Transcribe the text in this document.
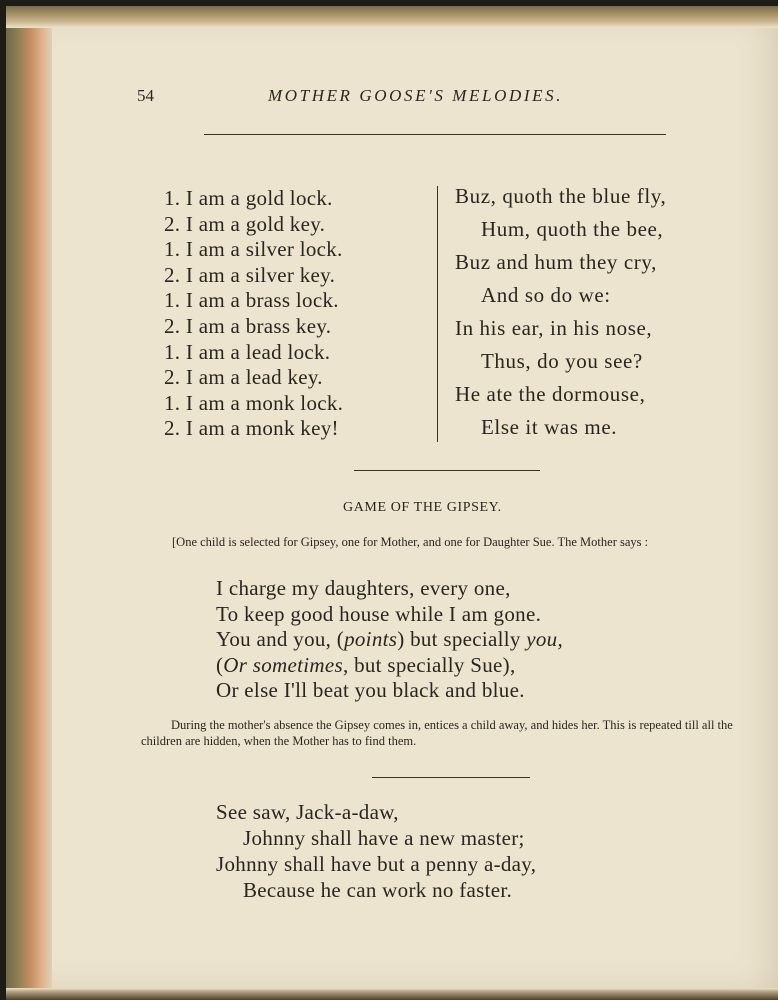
54	MOTHER GOOSE'S MELODIES.
1. I am a gold lock.
2. I am a gold key.
1. I am a silver lock.
2. I am a silver key.
1. I am a brass lock.
2. I am a brass key.
1. I am a lead lock.
2. I am a lead key.
1. I am a monk lock.
2. I am a monk key!
Buz, quoth the blue fly,
Hum, quoth the bee,
Buz and hum they cry,
And so do we:
In his ear, in his nose,
Thus, do you see?
He ate the dormouse,
Else it was me.
GAME OF THE GIPSEY.
[One child is selected for Gipsey, one for Mother, and one for Daughter Sue. The Mother says :
I charge my daughters, every one,
To keep good house while I am gone.
You and you, (points) but specially you,
(Or sometimes, but specially Sue),
Or else I'll beat you black and blue.
During the mother's absence the Gipsey comes in, entices a child away, and hides her. This is repeated till all the children are hidden, when the Mother has to find them.
See saw, Jack-a-daw,
Johnny shall have a new master;
Johnny shall have but a penny a-day,
Because he can work no faster.
